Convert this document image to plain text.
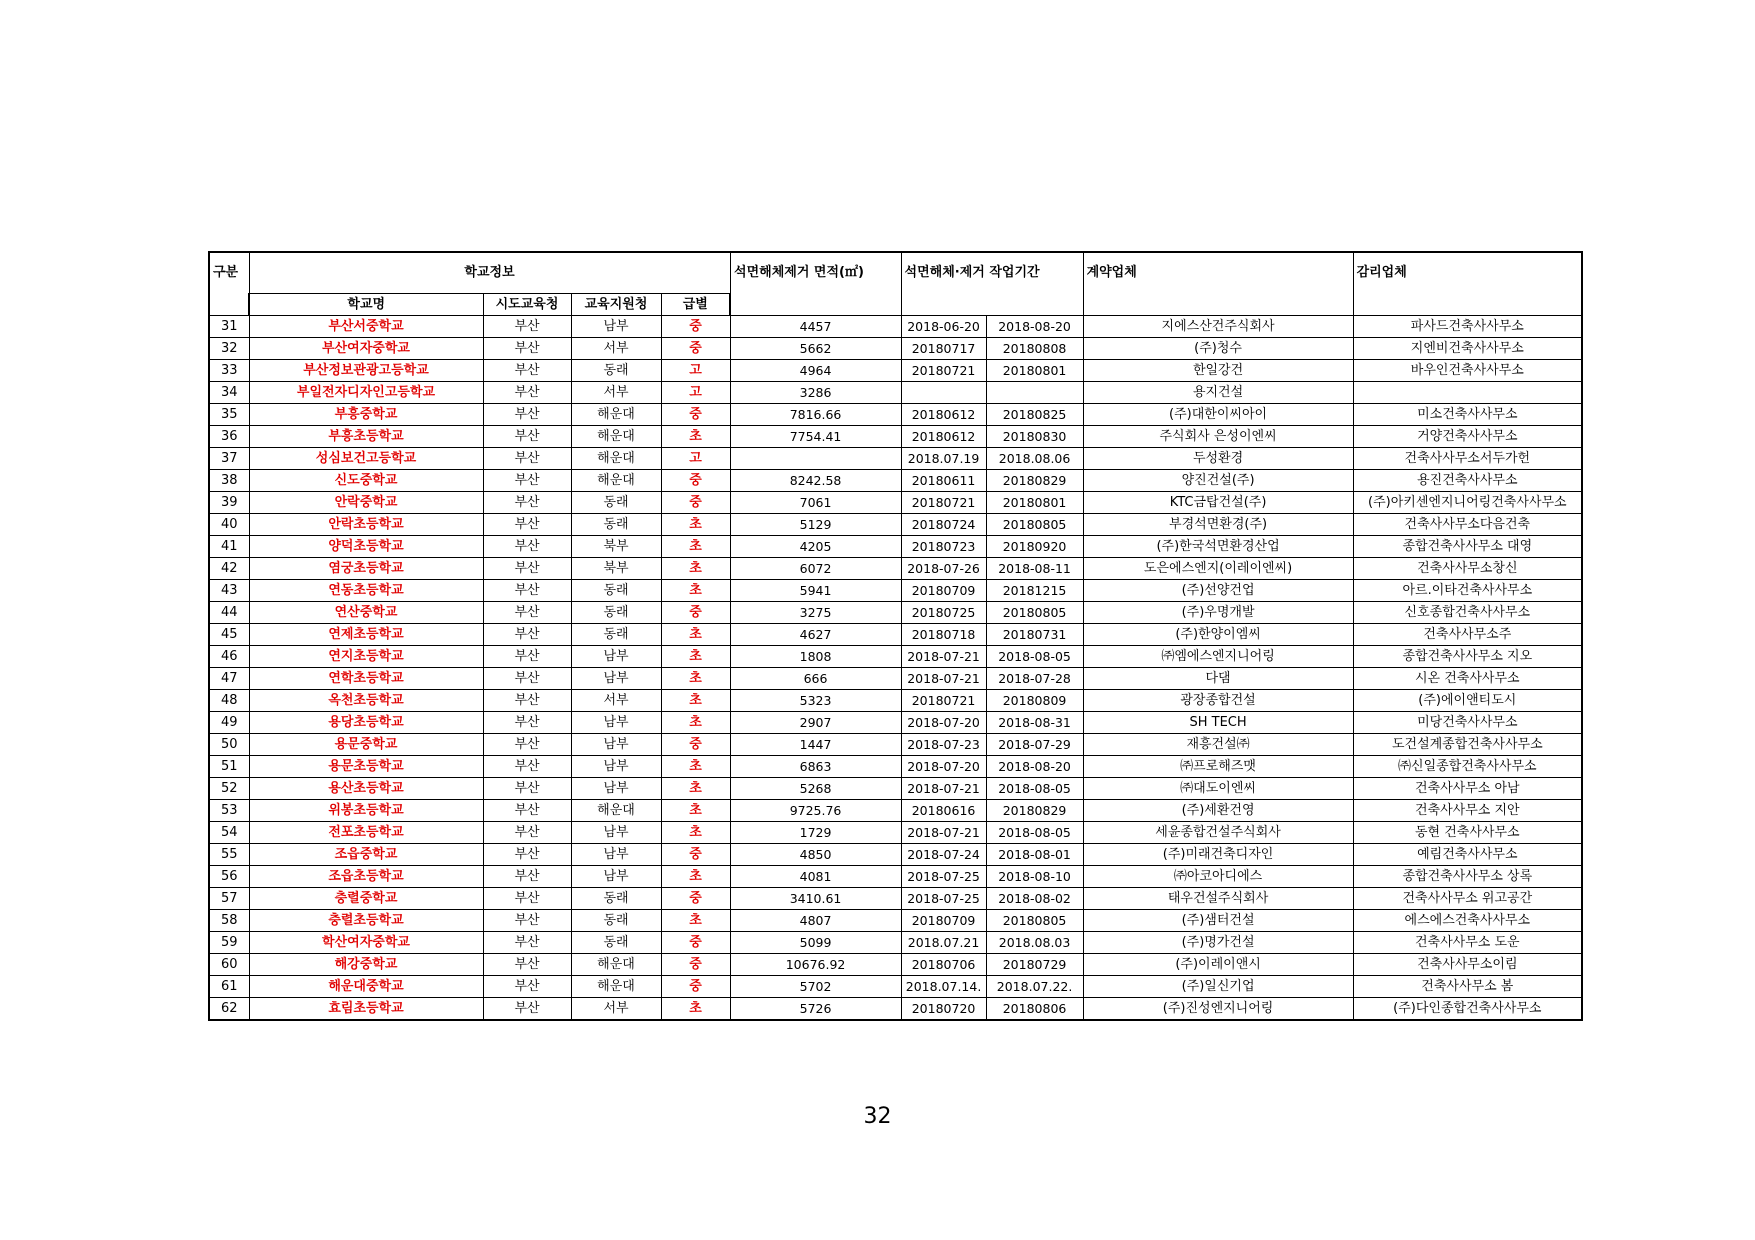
구분	학교정보				석면해체제거 면적(㎡)	석면해체·제거 작업기간		계약업체	감리업체
	학교명	시도교육청	교육지원청	급별					
31	부산서중학교	부산	남부	중	4457	2018-06-20	2018-08-20	지에스산건주식회사	파사드건축사사무소
32	부산여자중학교	부산	서부	중	5662	20180717	20180808	(주)청수	지엔비건축사사무소
33	부산정보관광고등학교	부산	동래	고	4964	20180721	20180801	한일강건	바우인건축사사무소
34	부일전자디자인고등학교	부산	서부	고	3286			용지건설	
35	부흥중학교	부산	해운대	중	7816.66	20180612	20180825	(주)대한이씨아이	미소건축사사무소
36	부흥초등학교	부산	해운대	초	7754.41	20180612	20180830	주식회사 은성이엔씨	거양건축사사무소
37	성심보건고등학교	부산	해운대	고		2018.07.19	2018.08.06	두성환경	건축사사무소서두가헌
38	신도중학교	부산	해운대	중	8242.58	20180611	20180829	양진건설(주)	용진건축사사무소
39	안락중학교	부산	동래	중	7061	20180721	20180801	KTC금탑건설(주)	(주)아키센엔지니어링건축사사무소
40	안락초등학교	부산	동래	초	5129	20180724	20180805	부경석면환경(주)	건축사사무소다음건축
41	양덕초등학교	부산	북부	초	4205	20180723	20180920	(주)한국석면환경산업	종합건축사사무소 대영
42	염궁초등학교	부산	북부	초	6072	2018-07-26	2018-08-11	도은에스엔지(이레이엔씨)	건축사사무소창신
43	연동초등학교	부산	동래	초	5941	20180709	20181215	(주)선양건업	아르.이타건축사사무소
44	연산중학교	부산	동래	중	3275	20180725	20180805	(주)우명개발	신호종합건축사사무소
45	연제초등학교	부산	동래	초	4627	20180718	20180731	(주)한양이엠씨	건축사사무소주
46	연지초등학교	부산	남부	초	1808	2018-07-21	2018-08-05	㈜엠에스엔지니어링	종합건축사사무소 지오
47	연학초등학교	부산	남부	초	666	2018-07-21	2018-07-28	다댐	시온 건축사사무소
48	옥천초등학교	부산	서부	초	5323	20180721	20180809	광장종합건설	(주)에이앤티도시
49	용당초등학교	부산	남부	초	2907	2018-07-20	2018-08-31	SH TECH	미당건축사사무소
50	용문중학교	부산	남부	중	1447	2018-07-23	2018-07-29	재흥건설㈜	도건설계종합건축사사무소
51	용문초등학교	부산	남부	초	6863	2018-07-20	2018-08-20	㈜프로해즈맷	㈜신일종합건축사사무소
52	용산초등학교	부산	남부	초	5268	2018-07-21	2018-08-05	㈜대도이엔씨	건축사사무소 아남
53	위봉초등학교	부산	해운대	초	9725.76	20180616	20180829	(주)세환건영	건축사사무소 지안
54	전포초등학교	부산	남부	초	1729	2018-07-21	2018-08-05	세윤종합건설주식회사	동현 건축사사무소
55	조읍중학교	부산	남부	중	4850	2018-07-24	2018-08-01	(주)미래건축디자인	예림건축사사무소
56	조읍초등학교	부산	남부	초	4081	2018-07-25	2018-08-10	㈜아코아디에스	종합건축사사무소 상록
57	충렬중학교	부산	동래	중	3410.61	2018-07-25	2018-08-02	태우건설주식회사	건축사사무소 위고공간
58	충렬초등학교	부산	동래	초	4807	20180709	20180805	(주)샘터건설	에스에스건축사사무소
59	학산여자중학교	부산	동래	중	5099	2018.07.21	2018.08.03	(주)명가건설	건축사사무소 도운
60	해강중학교	부산	해운대	중	10676.92	20180706	20180729	(주)이레이앤시	건축사사무소이림
61	해운대중학교	부산	해운대	중	5702	2018.07.14.	2018.07.22.	(주)일신기업	건축사사무소 봄
62	효림초등학교	부산	서부	초	5726	20180720	20180806	(주)진성엔지니어링	(주)다인종합건축사사무소
32
